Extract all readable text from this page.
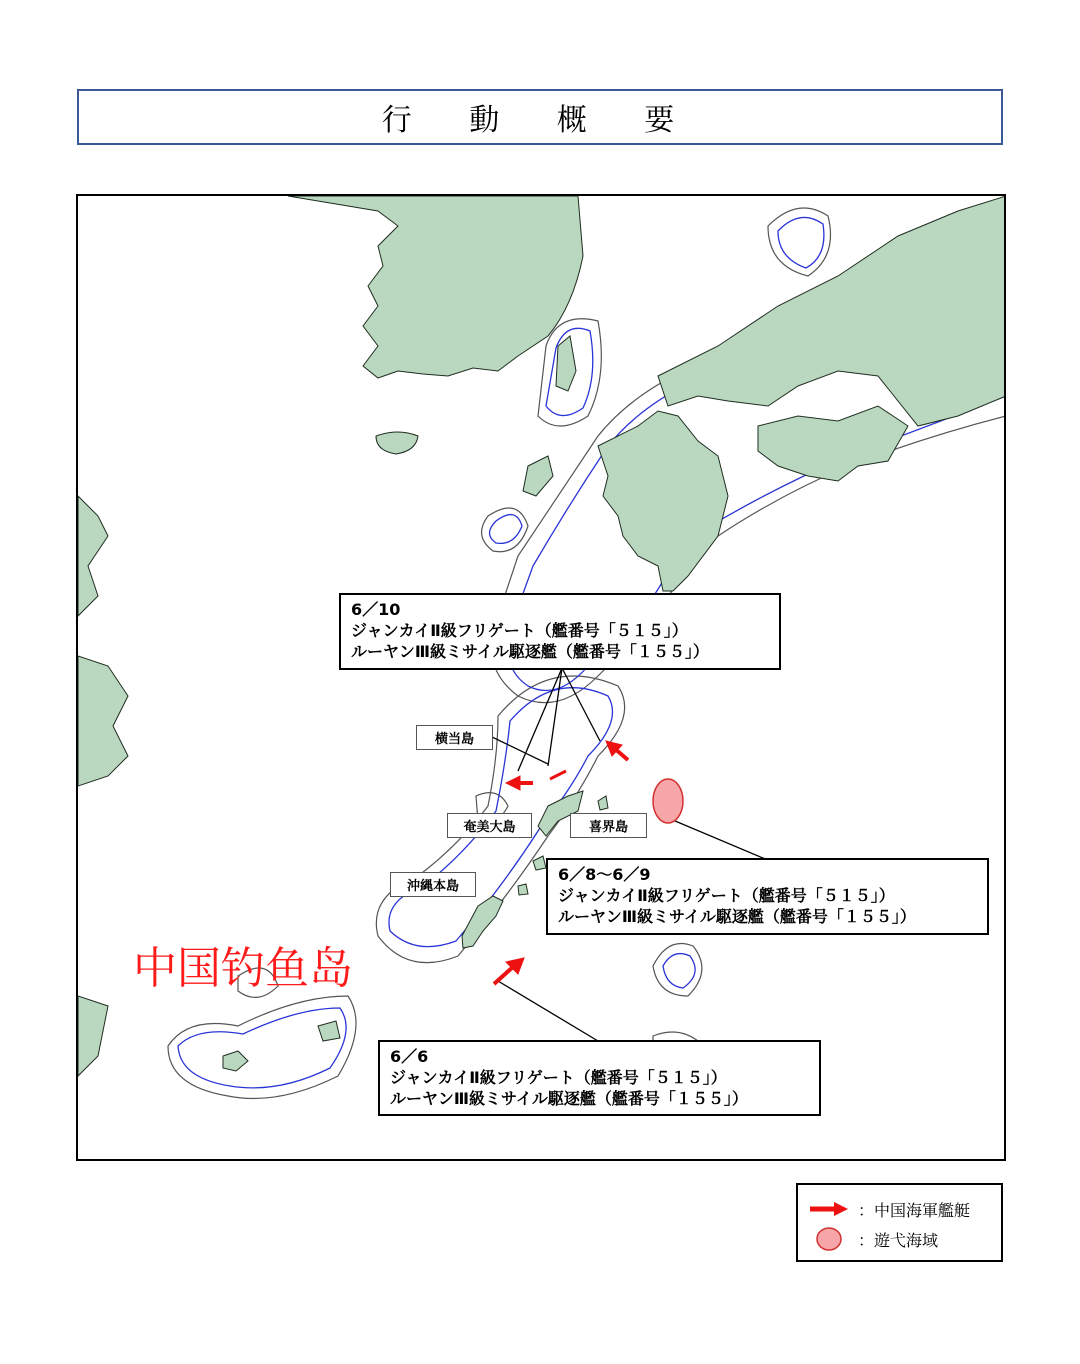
行 動 概 要
6／10
ジャンカイⅡ級フリゲート（艦番号「５１５」）
ルーヤンⅢ級ミサイル駆逐艦（艦番号「１５５」）
6／8～6／9
ジャンカイⅡ級フリゲート（艦番号「５１５」）
ルーヤンⅢ級ミサイル駆逐艦（艦番号「１５５」）
6／6
ジャンカイⅡ級フリゲート（艦番号「５１５」）
ルーヤンⅢ級ミサイル駆逐艦（艦番号「１５５」）
横当島
奄美大島	喜界島
沖縄本島
中国钓鱼岛
：中国海軍艦艇
：遊弋海域
